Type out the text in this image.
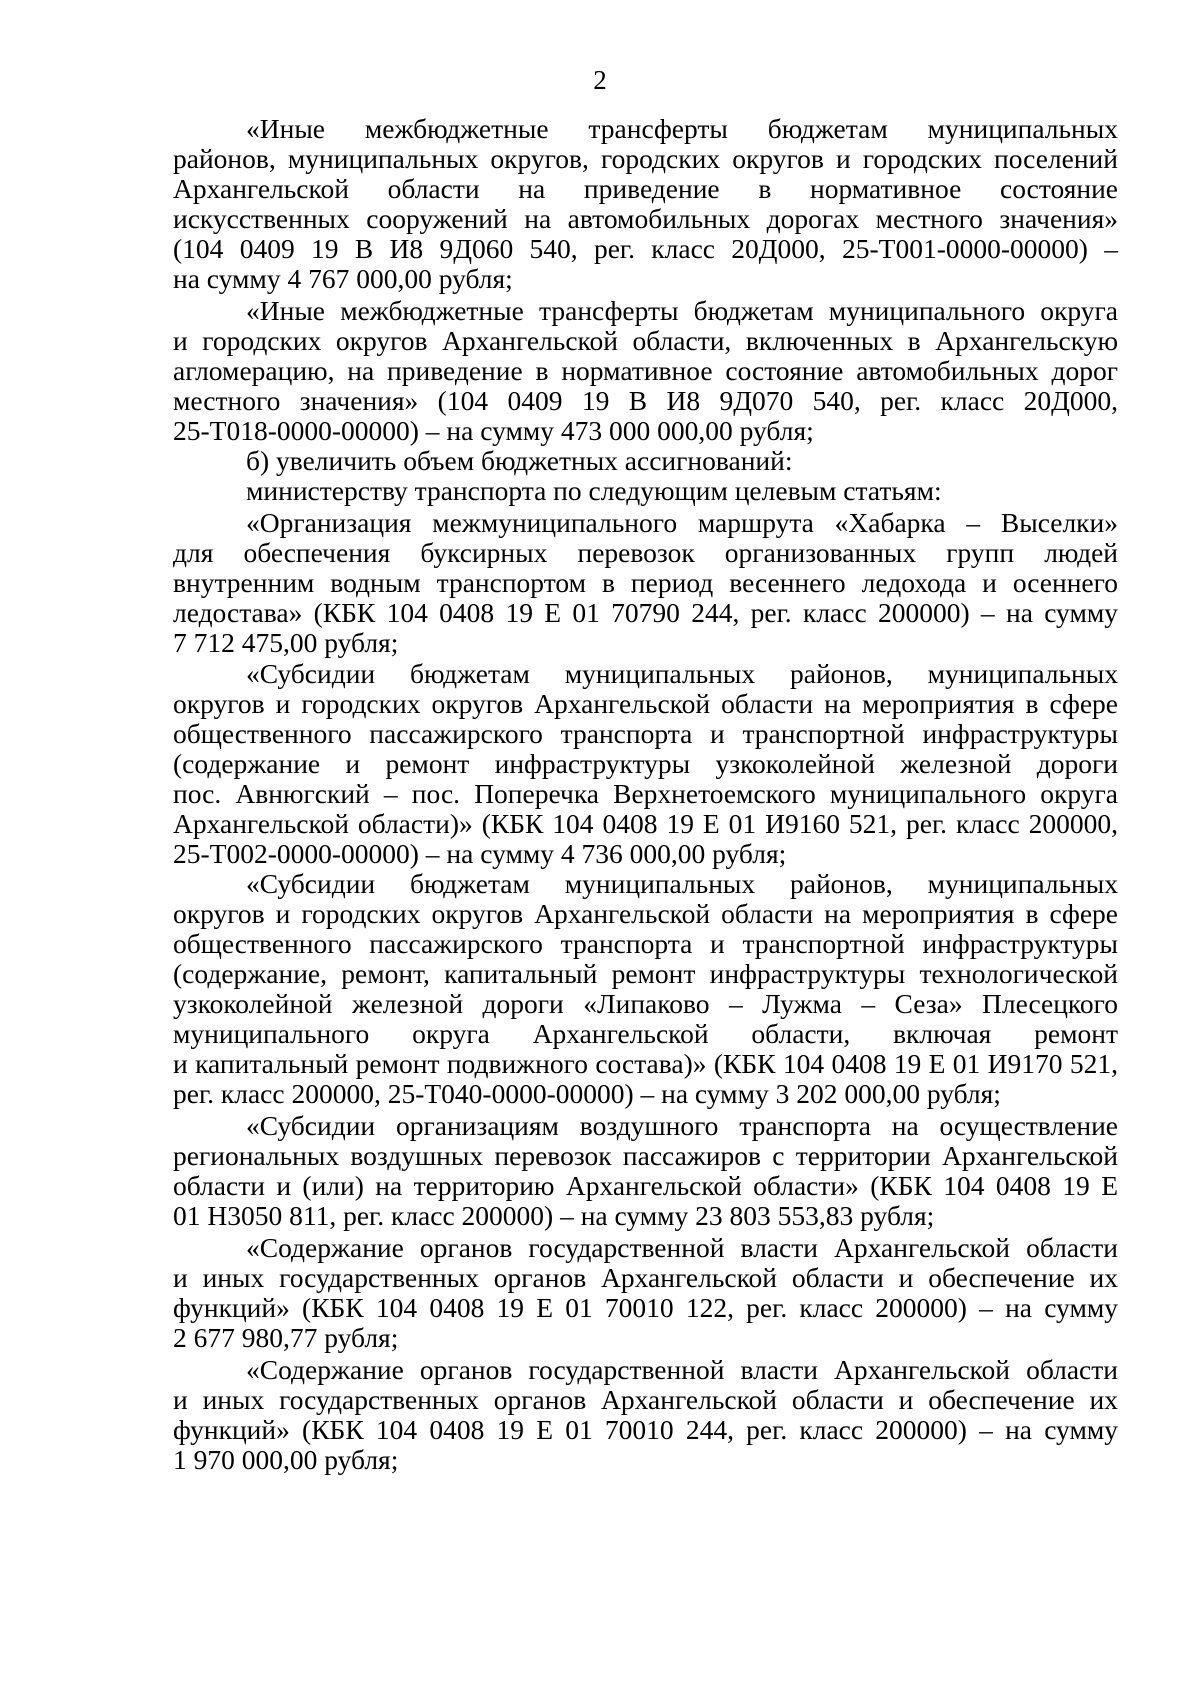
2
«Иные межбюджетные трансферты бюджетам муниципальных
районов, муниципальных округов, городских округов и городских поселений
Архангельской области на приведение в нормативное состояние
искусственных сооружений на автомобильных дорогах местного значения»
(104 0409 19 В И8 9Д060 540, рег. класс 20Д000, 25-Т001-0000-00000) –
на сумму 4 767 000,00 рубля;
«Иные межбюджетные трансферты бюджетам муниципального округа
и городских округов Архангельской области, включенных в Архангельскую
агломерацию, на приведение в нормативное состояние автомобильных дорог
местного значения» (104 0409 19 В И8 9Д070 540, рег. класс 20Д000,
25-Т018-0000-00000) – на сумму 473 000 000,00 рубля;
б) увеличить объем бюджетных ассигнований:
министерству транспорта по следующим целевым статьям:
«Организация межмуниципального маршрута «Хабарка – Выселки»
для обеспечения буксирных перевозок организованных групп людей
внутренним водным транспортом в период весеннего ледохода и осеннего
ледостава» (КБК 104 0408 19 Е 01 70790 244, рег. класс 200000) – на сумму
7 712 475,00 рубля;
«Субсидии бюджетам муниципальных районов, муниципальных
округов и городских округов Архангельской области на мероприятия в сфере
общественного пассажирского транспорта и транспортной инфраструктуры
(содержание и ремонт инфраструктуры узкоколейной железной дороги
пос. Авнюгский – пос. Поперечка Верхнетоемского муниципального округа
Архангельской области)» (КБК 104 0408 19 Е 01 И9160 521, рег. класс 200000,
25-Т002-0000-00000) – на сумму 4 736 000,00 рубля;
«Субсидии бюджетам муниципальных районов, муниципальных
округов и городских округов Архангельской области на мероприятия в сфере
общественного пассажирского транспорта и транспортной инфраструктуры
(содержание, ремонт, капитальный ремонт инфраструктуры технологической
узкоколейной железной дороги «Липаково – Лужма – Сеза» Плесецкого
муниципального округа Архангельской области, включая ремонт
и капитальный ремонт подвижного состава)» (КБК 104 0408 19 Е 01 И9170 521,
рег. класс 200000, 25-Т040-0000-00000) – на сумму 3 202 000,00 рубля;
«Субсидии организациям воздушного транспорта на осуществление
региональных воздушных перевозок пассажиров с территории Архангельской
области и (или) на территорию Архангельской области» (КБК 104 0408 19 Е
01 Н3050 811, рег. класс 200000) – на сумму 23 803 553,83 рубля;
«Содержание органов государственной власти Архангельской области
и иных государственных органов Архангельской области и обеспечение их
функций» (КБК 104 0408 19 Е 01 70010 122, рег. класс 200000) – на сумму
2 677 980,77 рубля;
«Содержание органов государственной власти Архангельской области
и иных государственных органов Архангельской области и обеспечение их
функций» (КБК 104 0408 19 Е 01 70010 244, рег. класс 200000) – на сумму
1 970 000,00 рубля;
